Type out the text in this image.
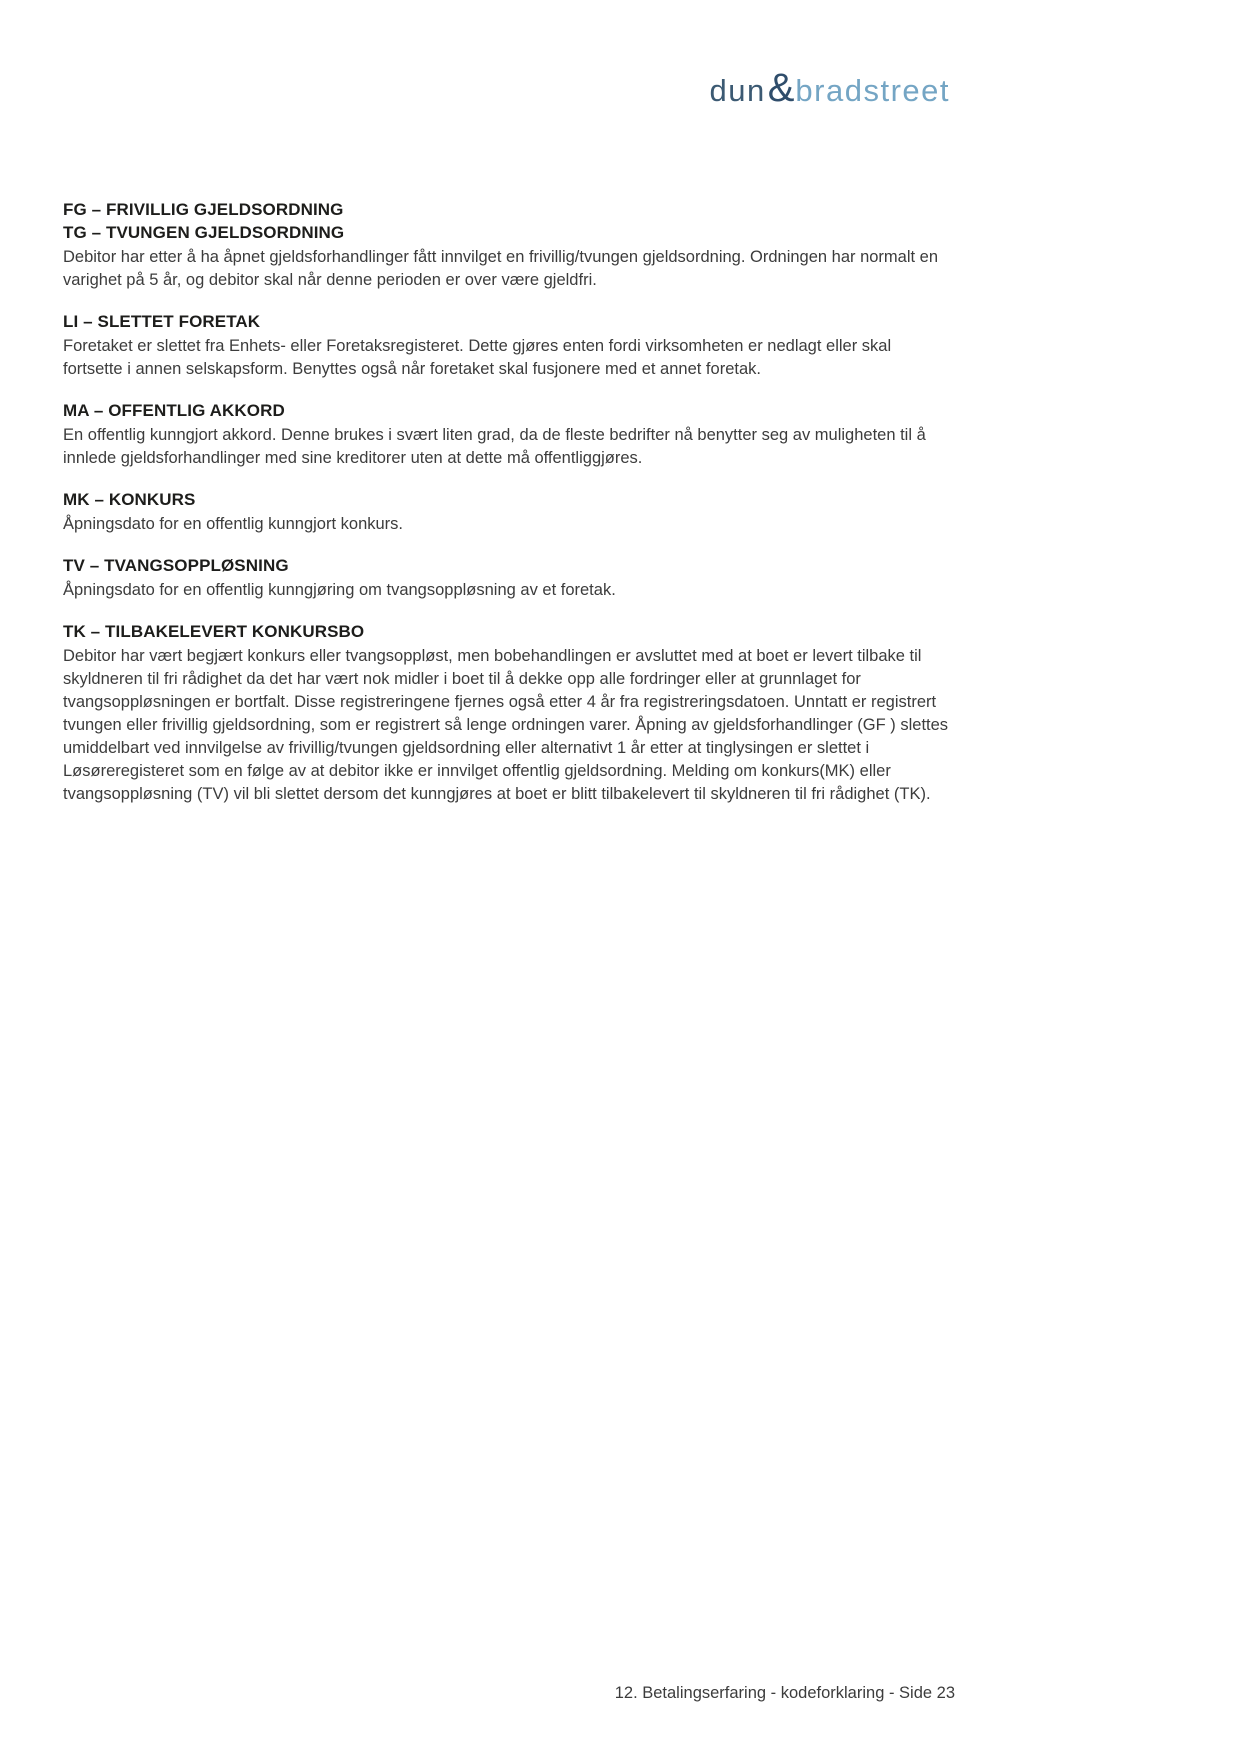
dun & bradstreet
FG – FRIVILLIG GJELDSORDNING
TG – TVUNGEN GJELDSORDNING

Debitor har etter å ha åpnet gjeldsforhandlinger fått innvilget en frivillig/tvungen gjeldsordning. Ordningen har normalt en varighet på 5 år, og debitor skal når denne perioden er over være gjeldfri.

LI – SLETTET FORETAK

Foretaket er slettet fra Enhets- eller Foretaksregisteret. Dette gjøres enten fordi virksomheten er nedlagt eller skal fortsette i annen selskapsform. Benyttes også når foretaket skal fusjonere med et annet foretak.

MA – OFFENTLIG AKKORD

En offentlig kunngjort akkord. Denne brukes i svært liten grad, da de fleste bedrifter nå benytter seg av muligheten til å innlede gjeldsforhandlinger med sine kreditorer uten at dette må offentliggjøres.

MK – KONKURS

Åpningsdato for en offentlig kunngjort konkurs.

TV – TVANGSOPPLØSNING

Åpningsdato for en offentlig kunngjøring om tvangsoppløsning av et foretak.

TK – TILBAKELEVERT KONKURSBO

Debitor har vært begjært konkurs eller tvangsoppløst, men bobehandlingen er avsluttet med at boet er levert tilbake til skyldneren til fri rådighet da det har vært nok midler i boet til å dekke opp alle fordringer eller at grunnlaget for tvangsoppløsningen er bortfalt. Disse registreringene fjernes også etter 4 år fra registreringsdatoen. Unntatt er registrert tvungen eller frivillig gjeldsordning, som er registrert så lenge ordningen varer. Åpning av gjeldsforhandlinger (GF ) slettes umiddelbart ved innvilgelse av frivillig/tvungen gjeldsordning eller alternativt 1 år etter at tinglysingen er slettet i Løsøreregisteret som en følge av at debitor ikke er innvilget offentlig gjeldsordning. Melding om konkurs(MK) eller tvangsoppløsning (TV) vil bli slettet dersom det kunngjøres at boet er blitt tilbakelevert til skyldneren til fri rådighet (TK).

12. Betalingserfaring - kodeforklaring - Side 23
